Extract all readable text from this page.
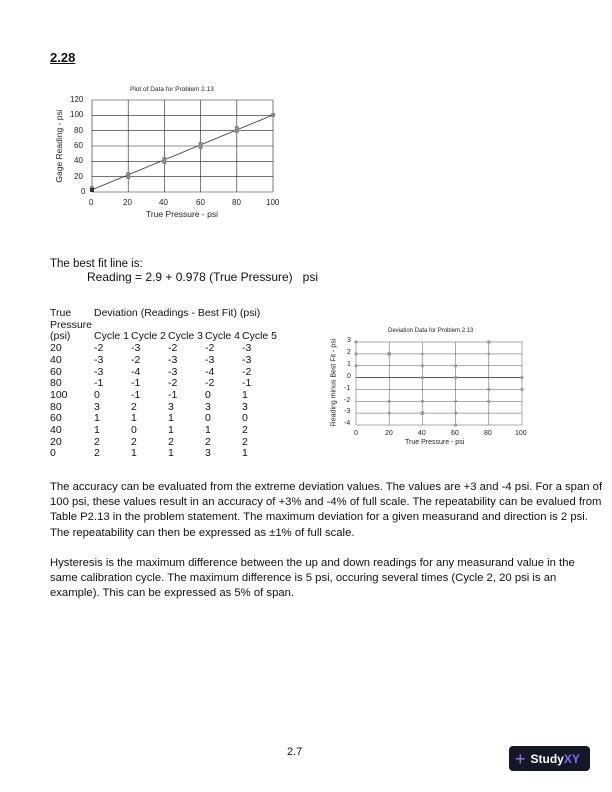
2.28
Plot of Data for Problem 2.13
120
100
80
60
40
20
0
0	20	40	60	80	100
True Pressure - psi
Gage Reading - psi
The best fit line is:
Reading = 2.9 + 0.978 (True Pressure)   psi
True	Deviation (Readings - Best Fit) (psi)				
Pressure					
(psi)	Cycle 1	Cycle 2	Cycle 3	Cycle 4	Cycle 5
20	-2	-3	-2	-2	-3
40	-3	-2	-3	-3	-3
60	-3	-4	-3	-4	-2
80	-1	-1	-2	-2	-1
100	0	-1	-1	0	1
80	3	2	3	3	3
60	1	1	1	0	0
40	1	0	1	1	2
20	2	2	2	2	2
0	2	1	1	3	1
Deviation Data for Problem 2.13
3
2
1
0
-1
-2
-3
-4
0	20	40	60	80	100
True Pressure - psi
Reading minus Best Fit - psi
The accuracy can be evaluated from the extreme deviation values. The values are +3 and -4 psi. For a span of 100 psi, these values result in an accuracy of +3% and -4% of full scale. The repeatability can be evalued from Table P2.13 in the problem statement. The maximum deviation for a given measurand and direction is 2 psi. The repeatability can then be expressed as ±1% of full scale.
Hysteresis is the maximum difference between the up and down readings for any measurand value in the same calibration cycle. The maximum difference is 5 psi, occuring several times (Cycle 2, 20 psi is an example). This can be expressed as 5% of span.
2.7	+ Study XY
